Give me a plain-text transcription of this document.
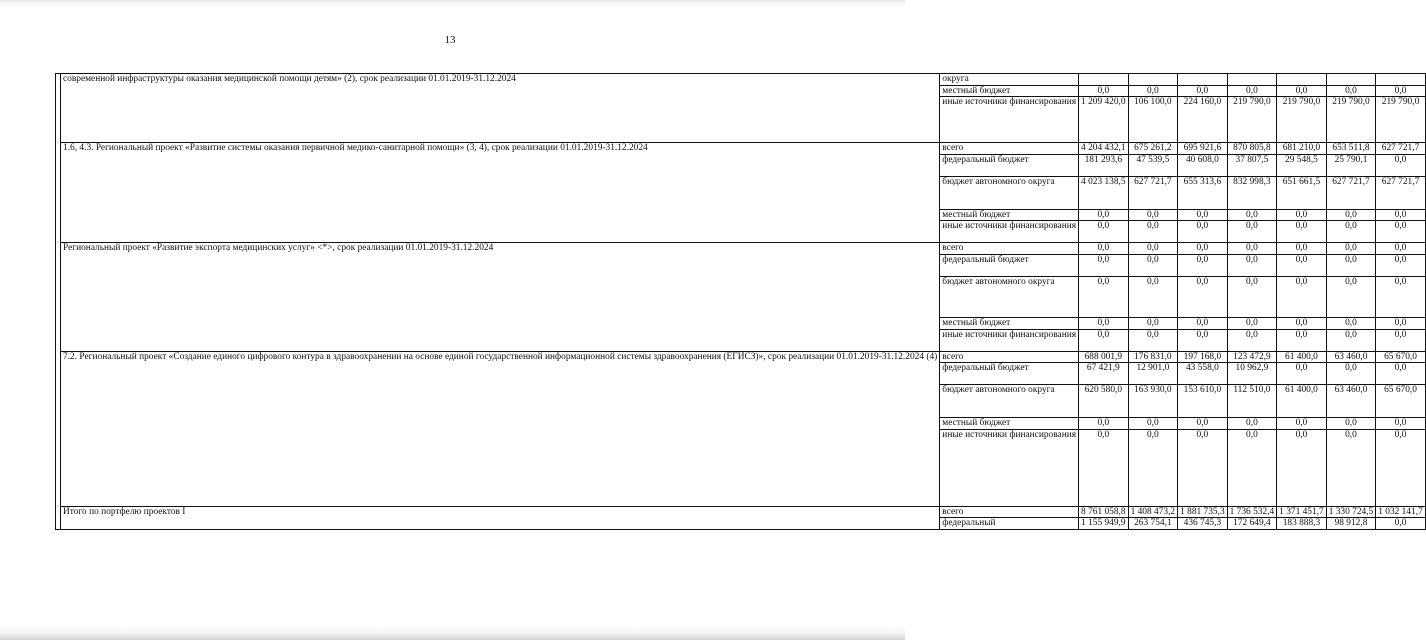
13
	современной инфраструктуры оказания медицинской помощи детям» (2), срок реализации 01.01.2019-31.12.2024	округа							
		местный бюджет	0,0	0,0	0,0	0,0	0,0	0,0	0,0
		иные источники финансирования	1 209 420,0	106 100,0	224 160,0	219 790,0	219 790,0	219 790,0	219 790,0
	1.6, 4.3. Региональный проект «Развитие системы оказания первичной медико-санитарной помощи» (3, 4), срок реализации 01.01.2019-31.12.2024	всего	4 204 432,1	675 261,2	695 921,6	870 805,8	681 210,0	653 511,8	627 721,7
		федеральный бюджет	181 293,6	47 539,5	40 608,0	37 807,5	29 548,5	25 790,1	0,0
		бюджет автономного округа	4 023 138,5	627 721,7	655 313,6	832 998,3	651 661,5	627 721,7	627 721,7
		местный бюджет	0,0	0,0	0,0	0,0	0,0	0,0	0,0
		иные источники финансирования	0,0	0,0	0,0	0,0	0,0	0,0	0,0
	Региональный проект «Развитие экспорта медицинских услуг» <*>, срок реализации 01.01.2019-31.12.2024	всего	0,0	0,0	0,0	0,0	0,0	0,0	0,0
		федеральный бюджет	0,0	0,0	0,0	0,0	0,0	0,0	0,0
		бюджет автономного округа	0,0	0,0	0,0	0,0	0,0	0,0	0,0
		местный бюджет	0,0	0,0	0,0	0,0	0,0	0,0	0,0
		иные источники финансирования	0,0	0,0	0,0	0,0	0,0	0,0	0,0
	7.2. Региональный проект «Создание единого цифрового контура в здравоохранении на основе единой государственной информационной системы здравоохранения (ЕГИСЗ)», срок реализации 01.01.2019-31.12.2024 (4)	всего	688 001,9	176 831,0	197 168,0	123 472,9	61 400,0	63 460,0	65 670,0
		федеральный бюджет	67 421,9	12 901,0	43 558,0	10 962,9	0,0	0,0	0,0
		бюджет автономного округа	620 580,0	163 930,0	153 610,0	112 510,0	61 400,0	63 460,0	65 670,0
		местный бюджет	0,0	0,0	0,0	0,0	0,0	0,0	0,0
		иные источники финансирования	0,0	0,0	0,0	0,0	0,0	0,0	0,0
	Итого по портфелю проектов I	всего	8 761 058,8	1 408 473,2	1 881 735,3	1 736 532,4	1 371 451,7	1 330 724,5	1 032 141,7
		федеральный	1 155 949,9	263 754,1	436 745,3	172 649,4	183 888,3	98 912,8	0,0
